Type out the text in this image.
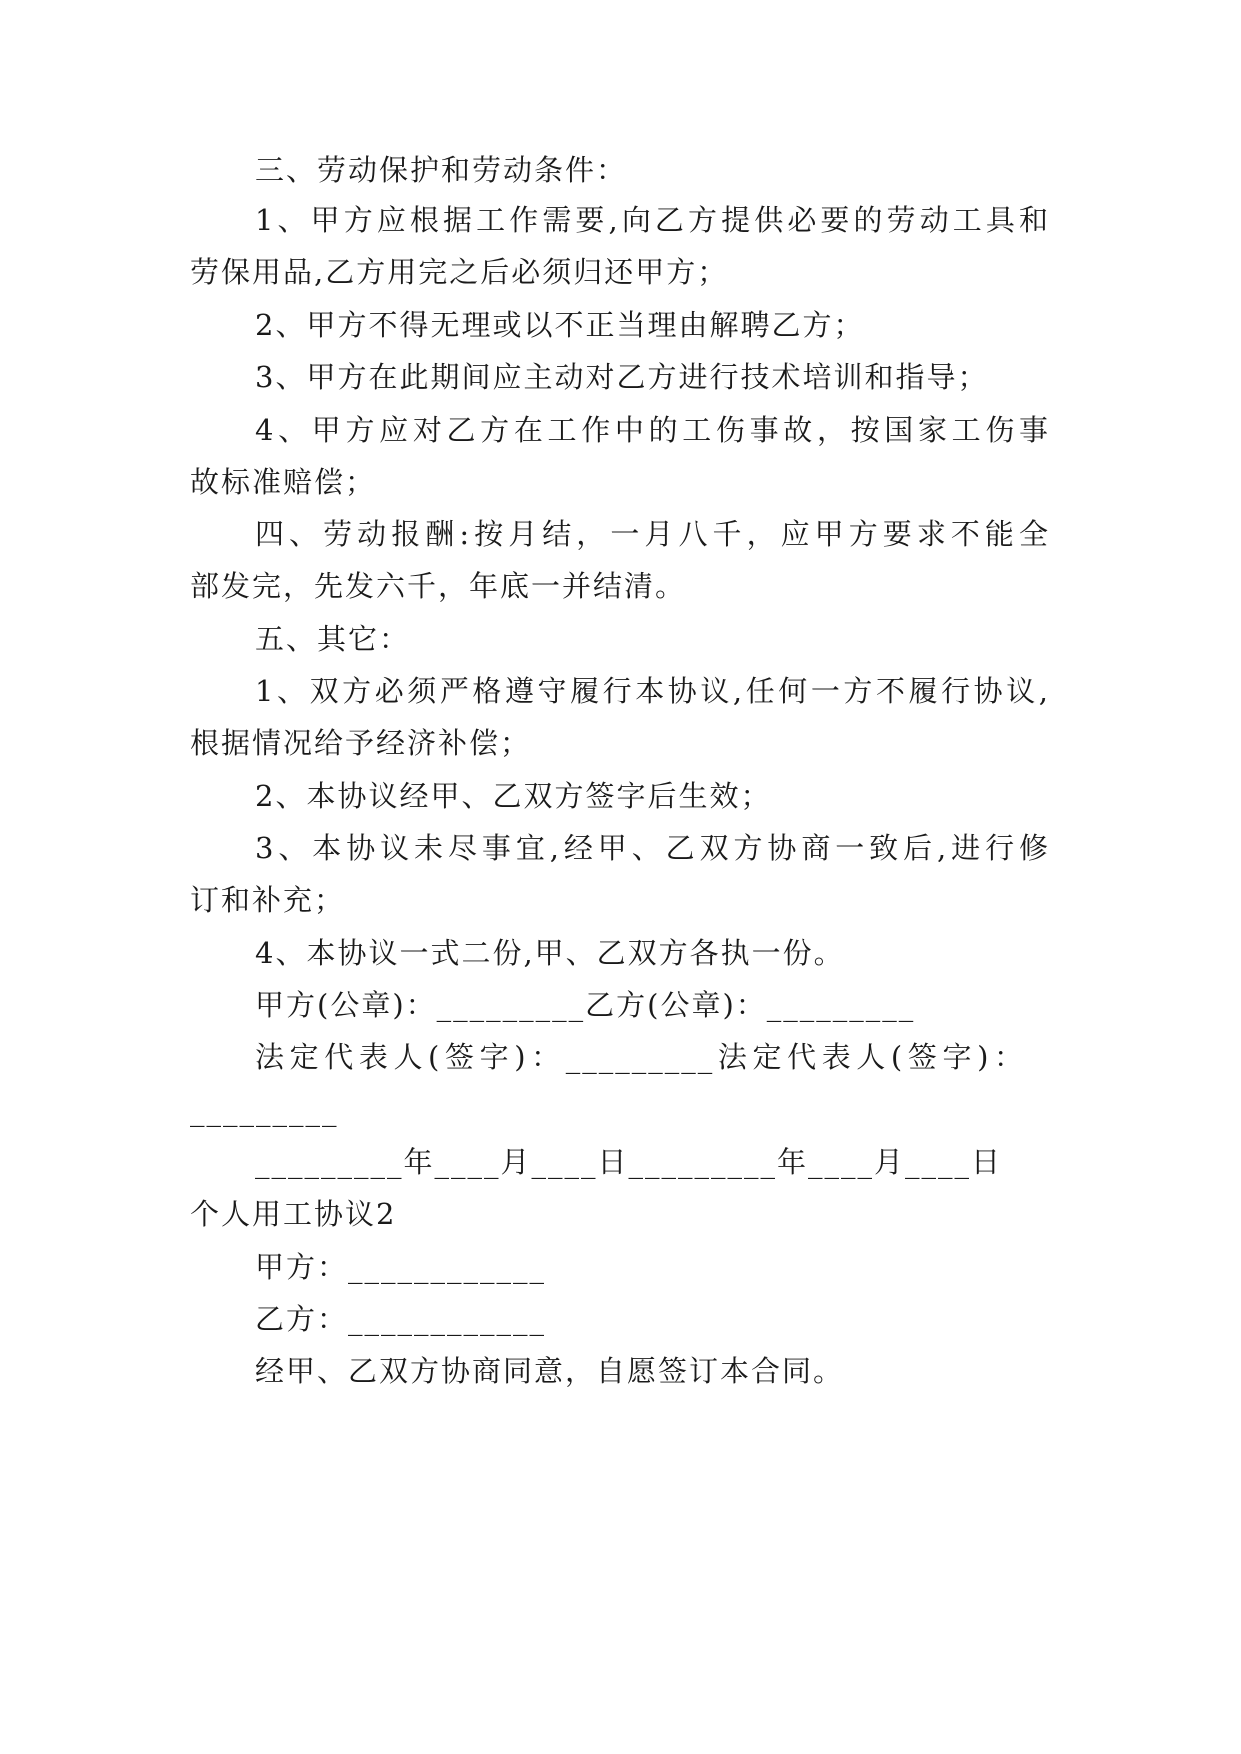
三、劳动保护和劳动条件：
1、甲方应根据工作需要,向乙方提供必要的劳动工具和
劳保用品,乙方用完之后必须归还甲方；
2、甲方不得无理或以不正当理由解聘乙方；
3、甲方在此期间应主动对乙方进行技术培训和指导；
4、甲方应对乙方在工作中的工伤事故，按国家工伤事
故标准赔偿；
四、劳动报酬:按月结，一月八千，应甲方要求不能全
部发完，先发六千，年底一并结清。
五、其它：
1、双方必须严格遵守履行本协议,任何一方不履行协议,
根据情况给予经济补偿；
2、本协议经甲、乙双方签字后生效；
3、本协议未尽事宜,经甲、乙双方协商一致后,进行修
订和补充；
4、本协议一式二份,甲、乙双方各执一份。
甲方(公章)：_________乙方(公章)：_________
法定代表人(签字)：_________法定代表人(签字)：
_________
_________年____月____日_________年____月____日
个人用工协议2
甲方：____________
乙方：____________
经甲、乙双方协商同意，自愿签订本合同。
